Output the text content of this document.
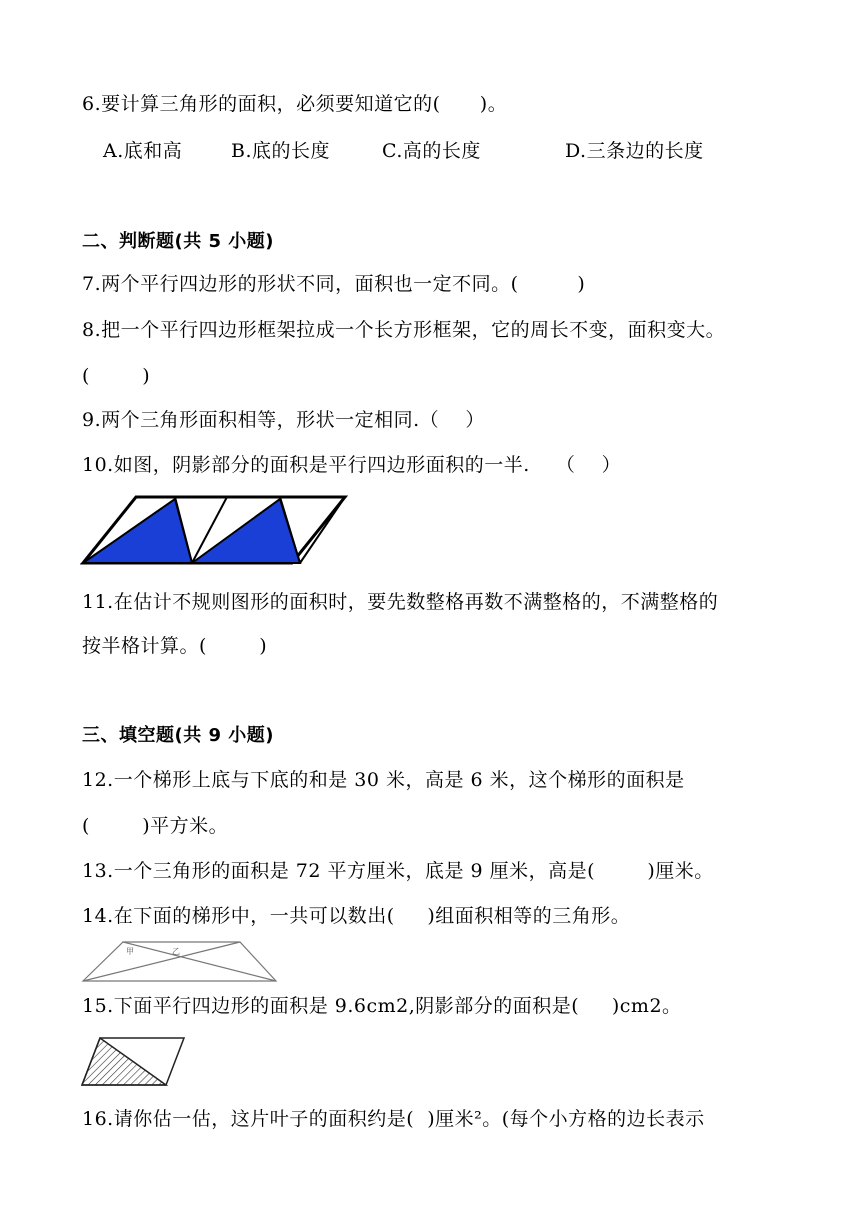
6.要计算三角形的面积，必须要知道它的(      )。
A.底和高	B.底的长度	C.高的长度	D.三条边的长度
二、判断题(共 5 小题)
7.两个平行四边形的形状不同，面积也一定不同。(         )
8.把一个平行四边形框架拉成一个长方形框架，它的周长不变，面积变大。
(        )
9.两个三角形面积相等，形状一定相同.（    ）
10.如图，阴影部分的面积是平行四边形面积的一半.    （    ）
11.在估计不规则图形的面积时，要先数整格再数不满整格的，不满整格的
按半格计算。(        )
三、填空题(共 9 小题)
12.一个梯形上底与下底的和是 30 米，高是 6 米，这个梯形的面积是
(        )平方米。
13.一个三角形的面积是 72 平方厘米，底是 9 厘米，高是(        )厘米。
14.在下面的梯形中，一共可以数出(     )组面积相等的三角形。
甲	乙
15.下面平行四边形的面积是 9.6cm2,阴影部分的面积是(     )cm2。
16.请你估一估，这片叶子的面积约是(  )厘米²。(每个小方格的边长表示
